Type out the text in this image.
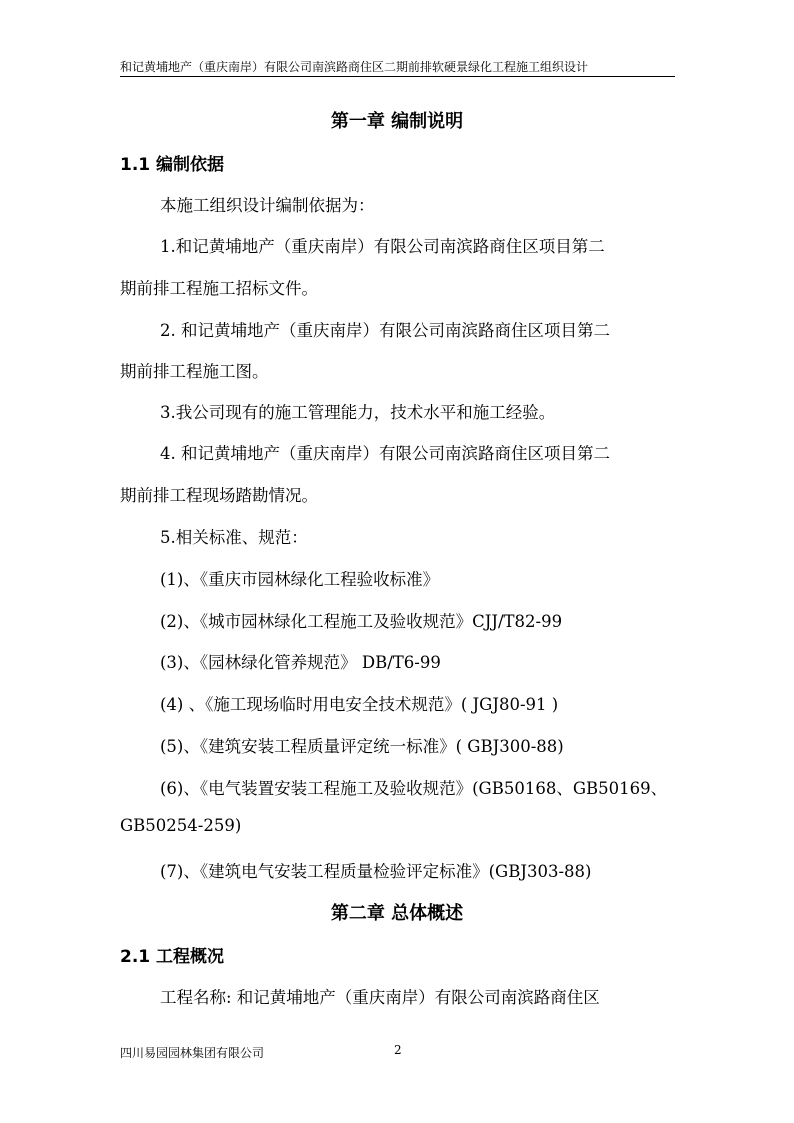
和记黄埔地产（重庆南岸）有限公司南滨路商住区二期前排软硬景绿化工程施工组织设计
第一章 编制说明
1.1 编制依据
本施工组织设计编制依据为：
1.和记黄埔地产（重庆南岸）有限公司南滨路商住区项目第二
期前排工程施工招标文件。
2. 和记黄埔地产（重庆南岸）有限公司南滨路商住区项目第二
期前排工程施工图。
3.我公司现有的施工管理能力，技术水平和施工经验。
4. 和记黄埔地产（重庆南岸）有限公司南滨路商住区项目第二
期前排工程现场踏勘情况。
5.相关标准、规范：
(1)、《重庆市园林绿化工程验收标准》
(2)、《城市园林绿化工程施工及验收规范》CJJ/T82-99
(3)、《园林绿化管养规范》 DB/T6-99
(4) 、《施工现场临时用电安全技术规范》( JGJ80-91 )
(5)、《建筑安装工程质量评定统一标准》( GBJ300-88)
(6)、《电气装置安装工程施工及验收规范》(GB50168、GB50169、
GB50254-259)
(7)、《建筑电气安装工程质量检验评定标准》(GBJ303-88)
第二章 总体概述
2.1 工程概况
工程名称: 和记黄埔地产（重庆南岸）有限公司南滨路商住区
四川易园园林集团有限公司	2
